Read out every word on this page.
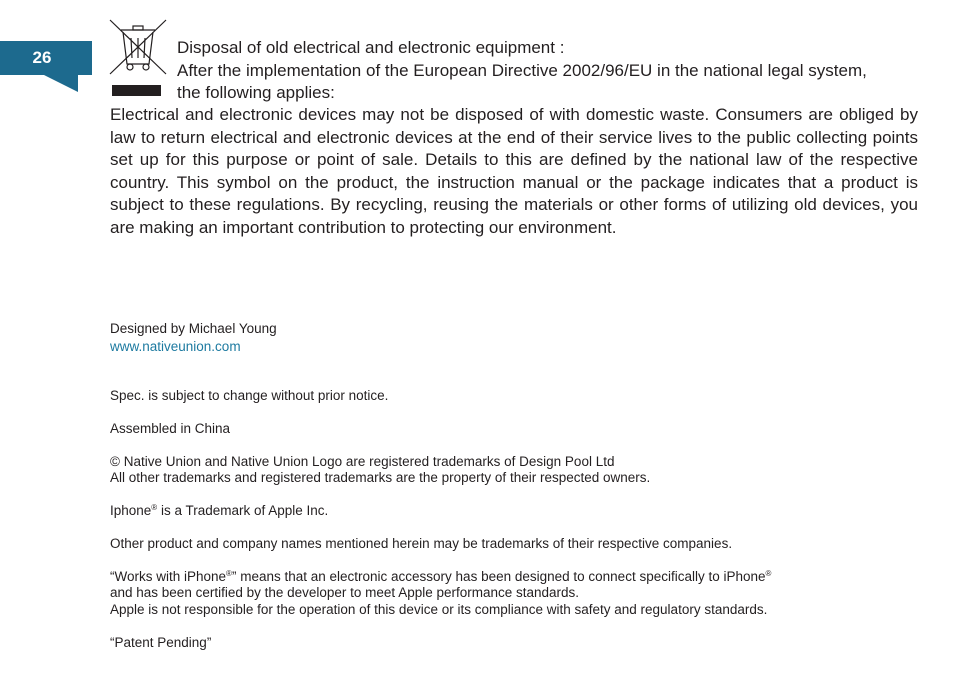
26
Disposal of old electrical and electronic equipment :
After the implementation of the European Directive 2002/96/EU in the national legal system,
the following applies:
Electrical and electronic devices may not be disposed of with domestic waste. Consumers are obliged by law to return electrical and electronic devices at the end of their service lives to the public collecting points set up for this purpose or point of sale. Details to this are defined by the national law of the respective country. This symbol on the product, the instruction manual or the package indicates that a product is subject to these regulations. By recycling, reusing the materials or other forms of utilizing old devices, you are making an important contribution to protecting our environment.
Designed by Michael Young
www.nativeunion.com
Spec. is subject to change without prior notice.
Assembled in China
© Native Union and Native Union Logo are registered trademarks of Design Pool Ltd
All other trademarks and registered trademarks are the property of their respected owners.
Iphone® is a Trademark of Apple Inc.
Other product and company names mentioned herein may be trademarks of their respective companies.
“Works with iPhone®” means that an electronic accessory has been designed to connect specifically to iPhone®
and has been certified by the developer to meet Apple performance standards.
Apple is not responsible for the operation of this device or its compliance with safety and regulatory standards.
“Patent Pending”
